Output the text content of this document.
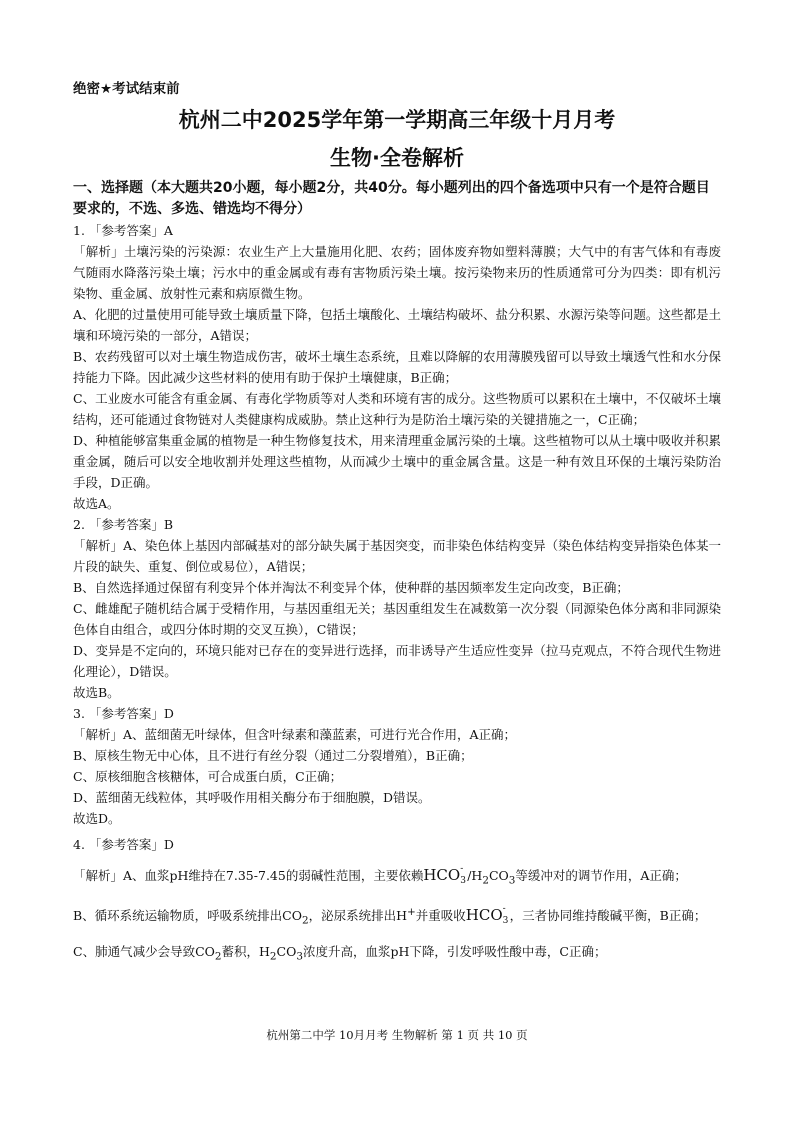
绝密★考试结束前
杭州二中2025学年第一学期高三年级十月月考
生物·全卷解析
一、选择题（本大题共20小题，每小题2分，共40分。每小题列出的四个备选项中只有一个是符合题目要求的，不选、多选、错选均不得分）
1. 「参考答案」A
「解析」土壤污染的污染源：农业生产上大量施用化肥、农药；固体废弃物如塑料薄膜；大气中的有害气体和有毒废气随雨水降落污染土壤；污水中的重金属或有毒有害物质污染土壤。按污染物来历的性质通常可分为四类：即有机污染物、重金属、放射性元素和病原微生物。
A、化肥的过量使用可能导致土壤质量下降，包括土壤酸化、土壤结构破坏、盐分积累、水源污染等问题。这些都是土壤和环境污染的一部分，A错误；
B、农药残留可以对土壤生物造成伤害，破坏土壤生态系统，且难以降解的农用薄膜残留可以导致土壤透气性和水分保持能力下降。因此减少这些材料的使用有助于保护土壤健康，B正确；
C、工业废水可能含有重金属、有毒化学物质等对人类和环境有害的成分。这些物质可以累积在土壤中，不仅破坏土壤结构，还可能通过食物链对人类健康构成威胁。禁止这种行为是防治土壤污染的关键措施之一，C正确；
D、种植能够富集重金属的植物是一种生物修复技术，用来清理重金属污染的土壤。这些植物可以从土壤中吸收并积累重金属，随后可以安全地收割并处理这些植物，从而减少土壤中的重金属含量。这是一种有效且环保的土壤污染防治手段，D正确。
故选A。
2. 「参考答案」B
「解析」A、染色体上基因内部碱基对的部分缺失属于基因突变，而非染色体结构变异（染色体结构变异指染色体某一片段的缺失、重复、倒位或易位），A错误；
B、自然选择通过保留有利变异个体并淘汰不利变异个体，使种群的基因频率发生定向改变，B正确；
C、雌雄配子随机结合属于受精作用，与基因重组无关；基因重组发生在减数第一次分裂（同源染色体分离和非同源染色体自由组合，或四分体时期的交叉互换），C错误；
D、变异是不定向的，环境只能对已存在的变异进行选择，而非诱导产生适应性变异（拉马克观点，不符合现代生物进化理论），D错误。
故选B。
3. 「参考答案」D
「解析」A、蓝细菌无叶绿体，但含叶绿素和藻蓝素，可进行光合作用，A正确；
B、原核生物无中心体，且不进行有丝分裂（通过二分裂增殖），B正确；
C、原核细胞含核糖体，可合成蛋白质，C正确；
D、蓝细菌无线粒体，其呼吸作用相关酶分布于细胞膜，D错误。
故选D。
4. 「参考答案」D
「解析」A、血浆pH维持在7.35-7.45的弱碱性范围，主要依赖HCO -
3 $/H_2CO_3$等缓冲对的调节作用，A正确；
B、循环系统运输物质，呼吸系统排出$CO_2$，泌尿系统排出H+并重吸收HCO -
3 ，三者协同维持酸碱平衡，B正确；
C、肺通气减少会导致$CO_2$蓄积，$H_2CO_3$浓度升高，血浆pH下降，引发呼吸性酸中毒，C正确；
杭州第二中学 10月月考 生物解析 第 1 页 共 10 页
